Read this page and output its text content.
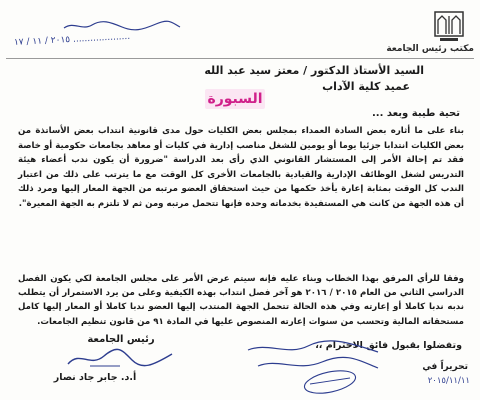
مكتب رئيس الجامعة
٢٠١٥ / ١١ / ١٧ ....................
السيد الأستاذ الدكتور / معتز سيد عبد الله
عميد كلية الآداب
السبورة
تحية طيبة وبعد ...
بناء على ما أثاره بعض السادة العمداء بمجلس بعض الكليات حول مدى قانونية انتداب بعض الأساتذة من بعض الكليات انتدابا جزئيا يوما أو يومين للشغل مناصب إدارية في كليات أو معاهد بجامعات حكومية أو خاصة فقد تم إحالة الأمر إلى المستشار القانوني الذي رأى بعد الدراسة "ضرورة أن يكون ندب أعضاء هيئة التدريس لشغل الوظائف الإدارية والقيادية بالجامعات الأخرى كل الوقت مع ما يترتب على ذلك من اعتبار الندب كل الوقت بمثابة إعارة يأخذ حكمها من حيث استحقاق العضو مرتبه من الجهة المعار إليها ومرد ذلك أن هذه الجهة من كانت هي المستفيدة بخدماته وحده فإنها تتحمل مرتبه ومن ثم لا تلتزم به الجهة المعيرة".
وفقا للرأي المرفق بهذا الخطاب وبناء عليه فإنه سيتم عرض الأمر على مجلس الجامعة لكي يكون الفصل الدراسي الثاني من العام ٢٠١٥ / ٢٠١٦ هو آخر فصل انتداب بهذه الكيفية وعلى من يرد الاستمرار أن يتطلب ندبه ندبا كاملا أو إعارته وفي هذه الحالة تتحمل الجهة المنتدب إليها العضو ندبا كاملا أو المعار إليها كامل مستحقاته المالية وتحسب من سنوات إعارته المنصوص عليها في المادة ٩١ من قانون تنظيم الجامعات.
وتفضلوا بقبول فائق الاحترام ،،
رئيس الجامعة
أ.د. جابر جاد نصار
تحريراً في
٢٠١٥/١١/١١
